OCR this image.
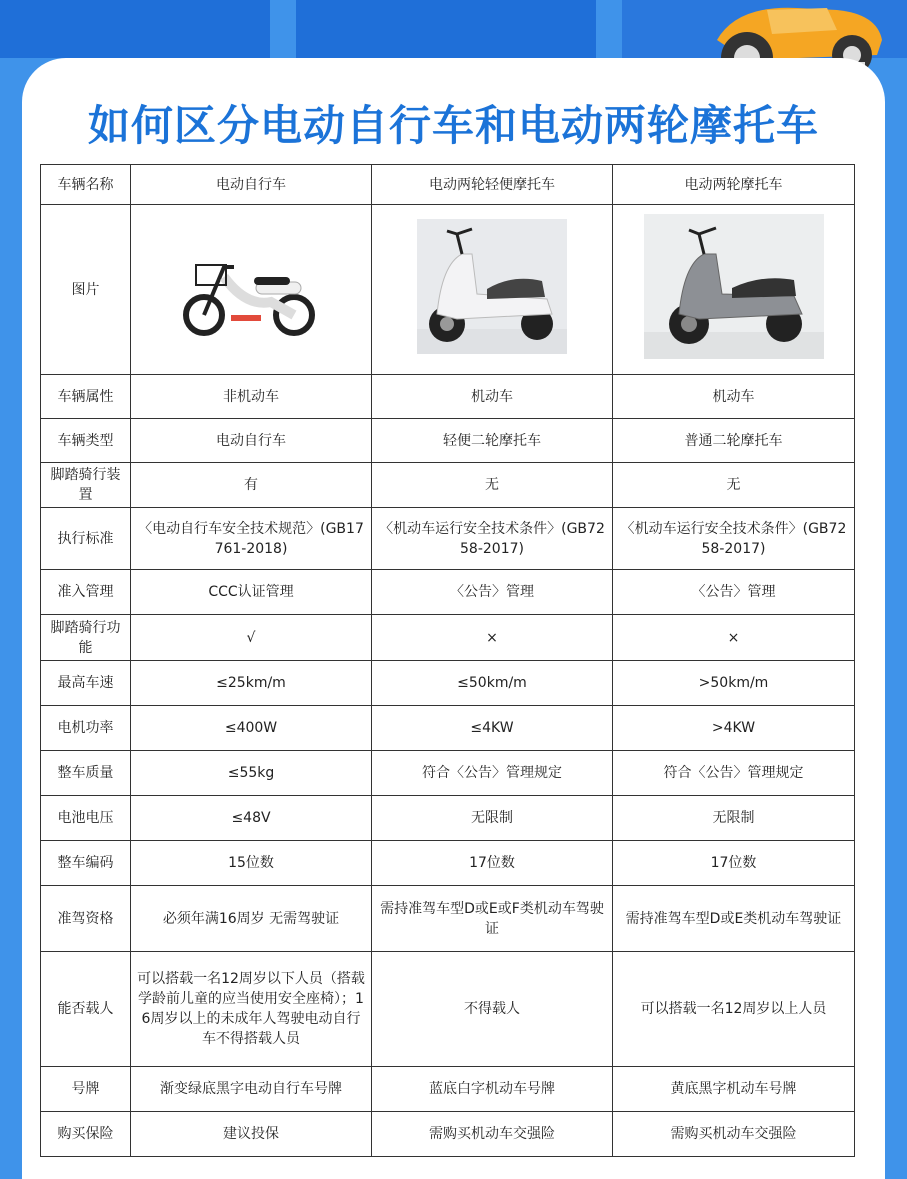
如何区分电动自行车和电动两轮摩托车
车辆名称	电动自行车	电动两轮轻便摩托车	电动两轮摩托车
图片			
车辆属性	非机动车	机动车	机动车
车辆类型	电动自行车	轻便二轮摩托车	普通二轮摩托车
脚踏骑行装置	有	无	无
执行标准	〈电动自行车安全技术规范〉(GB17761-2018)	〈机动车运行安全技术条件〉(GB7258-2017)	〈机动车运行安全技术条件〉(GB7258-2017)
准入管理	CCC认证管理	〈公告〉管理	〈公告〉管理
脚踏骑行功能	√	×	×
最高车速	≤25km/m	≤50km/m	>50km/m
电机功率	≤400W	≤4KW	>4KW
整车质量	≤55kg	符合〈公告〉管理规定	符合〈公告〉管理规定
电池电压	≤48V	无限制	无限制
整车编码	15位数	17位数	17位数
准驾资格	必须年满16周岁 无需驾驶证	需持准驾车型D或E或F类机动车驾驶证	需持准驾车型D或E类机动车驾驶证
能否载人	可以搭载一名12周岁以下人员（搭载学龄前儿童的应当使用安全座椅）；16周岁以上的未成年人驾驶电动自行车不得搭载人员	不得载人	可以搭载一名12周岁以上人员
号牌	渐变绿底黑字电动自行车号牌	蓝底白字机动车号牌	黄底黑字机动车号牌
购买保险	建议投保	需购买机动车交强险	需购买机动车交强险
